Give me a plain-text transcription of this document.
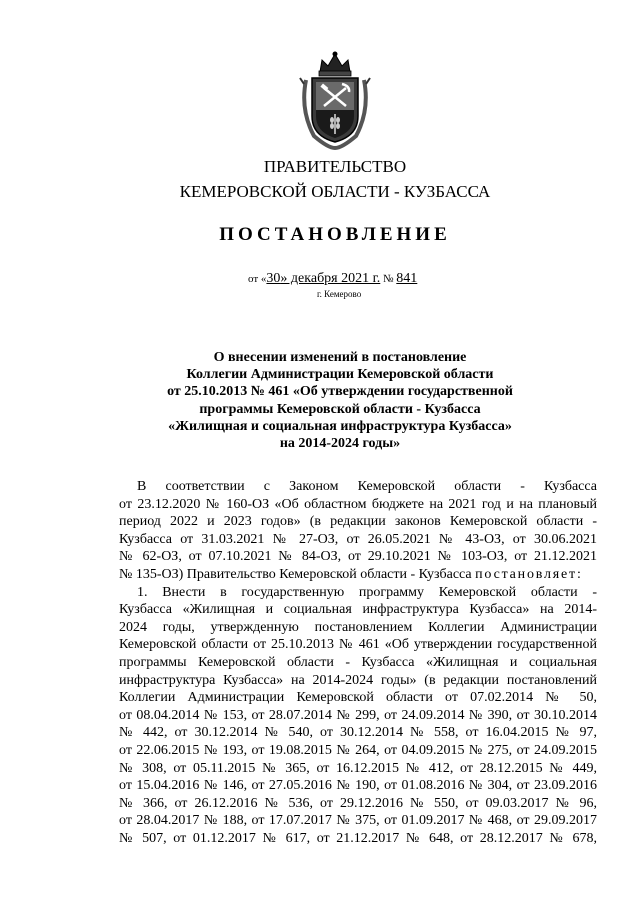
ПРАВИТЕЛЬСТВО
КЕМЕРОВСКОЙ ОБЛАСТИ - КУЗБАССА
ПОСТАНОВЛЕНИЕ
от «30» декабря 2021 г. № 841
г. Кемерово
О внесении изменений в постановление
Коллегии Администрации Кемеровской области
от 25.10.2013 № 461 «Об утверждении государственной
программы Кемеровской области - Кузбасса
«Жилищная и социальная инфраструктура Кузбасса»
на 2014-2024 годы»
В соответствии с Законом Кемеровской области - Кузбасса
от 23.12.2020 № 160-ОЗ «Об областном бюджете на 2021 год и на плановый
период 2022 и 2023 годов» (в редакции законов Кемеровской области -
Кузбасса от 31.03.2021 № 27-ОЗ, от 26.05.2021 № 43-ОЗ, от 30.06.2021
№ 62-ОЗ, от 07.10.2021 № 84-ОЗ, от 29.10.2021 № 103-ОЗ, от 21.12.2021
№ 135-ОЗ) Правительство Кемеровской области - Кузбасса постановляет:
1. Внести в государственную программу Кемеровской области -
Кузбасса «Жилищная и социальная инфраструктура Кузбасса» на 2014-
2024 годы, утвержденную постановлением Коллегии Администрации
Кемеровской области от 25.10.2013 № 461 «Об утверждении государственной
программы Кемеровской области - Кузбасса «Жилищная и социальная
инфраструктура Кузбасса» на 2014-2024 годы» (в редакции постановлений
Коллегии Администрации Кемеровской области от 07.02.2014 № 50,
от 08.04.2014 № 153, от 28.07.2014 № 299, от 24.09.2014 № 390, от 30.10.2014
№ 442, от 30.12.2014 № 540, от 30.12.2014 № 558, от 16.04.2015 № 97,
от 22.06.2015 № 193, от 19.08.2015 № 264, от 04.09.2015 № 275, от 24.09.2015
№ 308, от 05.11.2015 № 365, от 16.12.2015 № 412, от 28.12.2015 № 449,
от 15.04.2016 № 146, от 27.05.2016 № 190, от 01.08.2016 № 304, от 23.09.2016
№ 366, от 26.12.2016 № 536, от 29.12.2016 № 550, от 09.03.2017 № 96,
от 28.04.2017 № 188, от 17.07.2017 № 375, от 01.09.2017 № 468, от 29.09.2017
№ 507, от 01.12.2017 № 617, от 21.12.2017 № 648, от 28.12.2017 № 678,
